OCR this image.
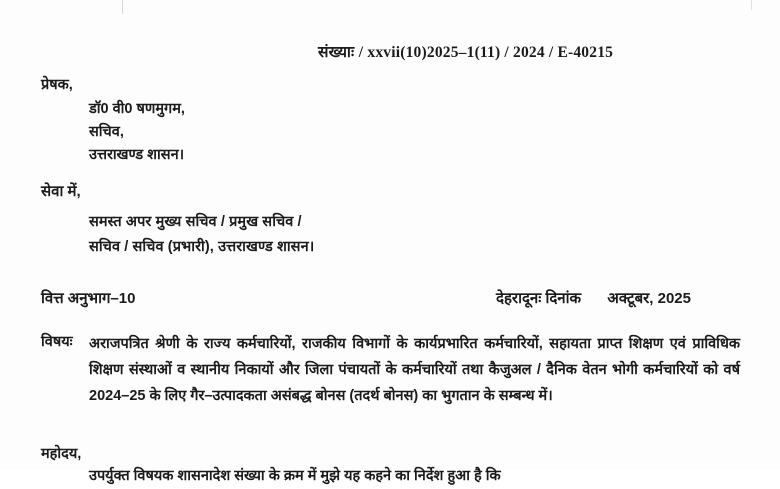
संख्याः / xxvii(10)2025–1(11) / 2024 / E-40215
प्रेषक,
डॉ0 वी0 षणमुगम,
सचिव,
उत्तराखण्ड शासन।
सेवा में,
समस्त अपर मुख्य सचिव / प्रमुख सचिव /
सचिव / सचिव (प्रभारी), उत्तराखण्ड शासन।
वित्त अनुभाग–10	देहरादूनः दिनांक अक्टूबर, 2025
विषयः अराजपत्रित श्रेणी के राज्य कर्मचारियों, राजकीय विभागों के कार्यप्रभारित कर्मचारियों, सहायता प्राप्त शिक्षण एवं प्राविधिक शिक्षण संस्थाओं व स्थानीय निकायों और जिला पंचायतों के कर्मचारियों तथा कैजुअल / दैनिक वेतन भोगी कर्मचारियों को वर्ष 2024–25 के लिए गैर–उत्पादकता असंबद्ध बोनस (तदर्थ बोनस) का भुगतान के सम्बन्ध में।
महोदय,
उपर्युक्त विषयक शासनादेश संख्या के क्रम में मुझे यह कहने का निर्देश हुआ है कि
